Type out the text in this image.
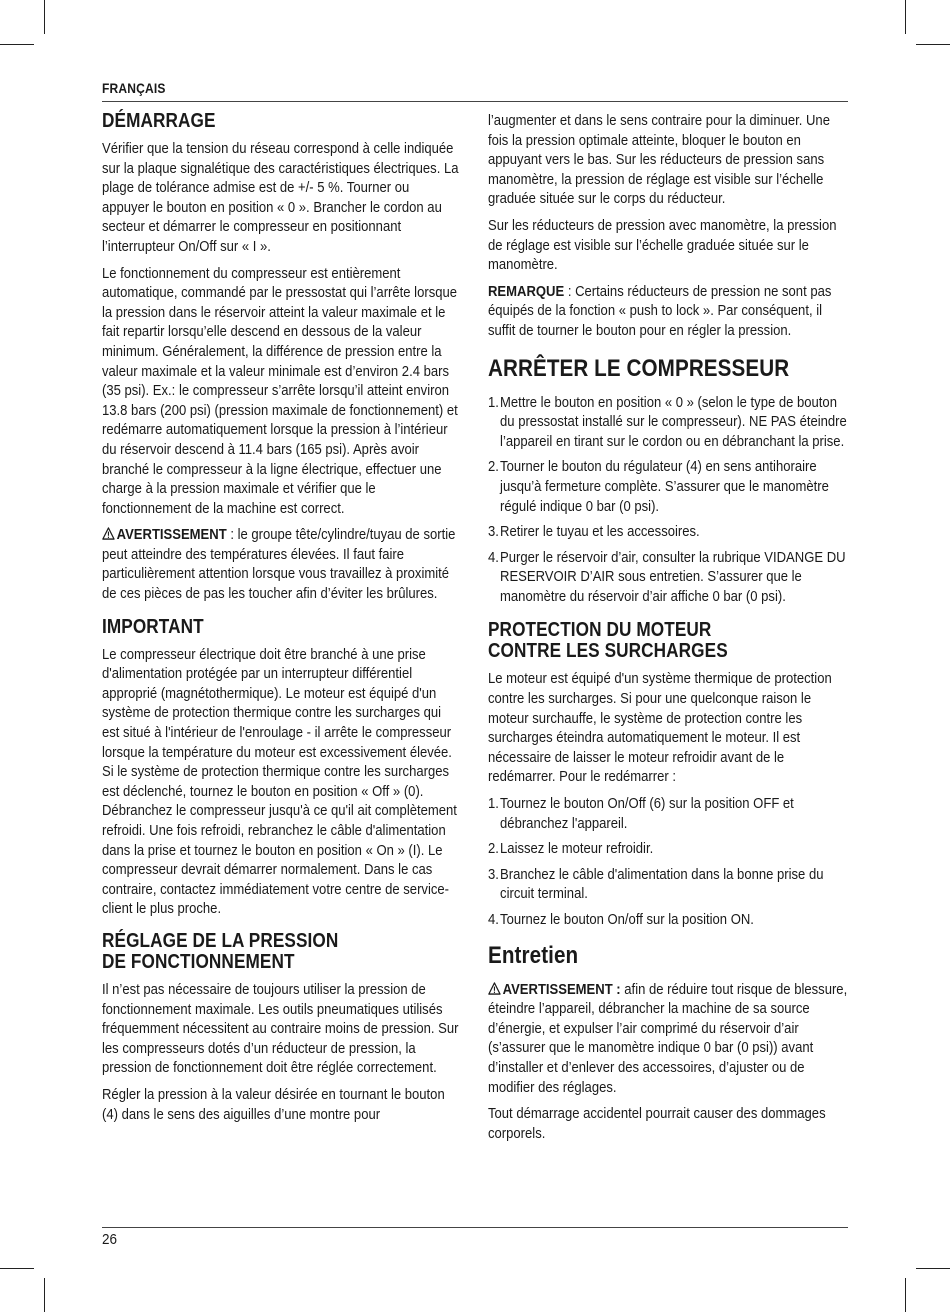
FRANÇAIS
DÉMARRAGE

Vérifier que la tension du réseau correspond à celle indiquée sur la plaque signalétique des caractéristiques électriques. La plage de tolérance admise est de +/- 5 %. Tourner ou appuyer le bouton en position « 0 ». Brancher le cordon au secteur et démarrer le compresseur en positionnant l’interrupteur On/Off sur « I ».

Le fonctionnement du compresseur est entièrement automatique, commandé par le pressostat qui l’arrête lorsque la pression dans le réservoir atteint la valeur maximale et le fait repartir lorsqu’elle descend en dessous de la valeur minimum. Généralement, la différence de pression entre la valeur maximale et la valeur minimale est d’environ 2.4 bars (35 psi). Ex.: le compresseur s’arrête lorsqu’il atteint environ 13.8 bars (200 psi) (pression maximale de fonctionnement) et redémarre automatiquement lorsque la pression à l’intérieur du réservoir descend à 11.4 bars (165 psi). Après avoir branché le compresseur à la ligne électrique, effectuer une charge à la pression maximale et vérifier que le fonctionnement de la machine est correct.

AVERTISSEMENT : le groupe tête/cylindre/tuyau de sortie peut atteindre des températures élevées. Il faut faire particulièrement attention lorsque vous travaillez à proximité de ces pièces de pas les toucher afin d’éviter les brûlures.

IMPORTANT

Le compresseur électrique doit être branché à une prise d'alimentation protégée par un interrupteur différentiel approprié (magnétothermique). Le moteur est équipé d'un système de protection thermique contre les surcharges qui est situé à l'intérieur de l'enroulage - il arrête le compresseur lorsque la température du moteur est excessivement élevée. Si le système de protection thermique contre les surcharges est déclenché, tournez le bouton en position « Off » (0). Débranchez le compresseur jusqu'à ce qu'il ait complètement refroidi. Une fois refroidi, rebranchez le câble d'alimentation dans la prise et tournez le bouton en position « On » (I). Le compresseur devrait démarrer normalement. Dans le cas contraire, contactez immédiatement votre centre de service-client le plus proche.

RÉGLAGE DE LA PRESSION
DE FONCTIONNEMENT

Il n’est pas nécessaire de toujours utiliser la pression de fonctionnement maximale. Les outils pneumatiques utilisés fréquemment nécessitent au contraire moins de pression. Sur les compresseurs dotés d’un réducteur de pression, la pression de fonctionnement doit être réglée correctement.

Régler la pression à la valeur désirée en tournant le bouton (4) dans le sens des aiguilles d’une montre pour

l’augmenter et dans le sens contraire pour la diminuer. Une fois la pression optimale atteinte, bloquer le bouton en appuyant vers le bas. Sur les réducteurs de pression sans manomètre, la pression de réglage est visible sur l’échelle graduée située sur le corps du réducteur.

Sur les réducteurs de pression avec manomètre, la pression de réglage est visible sur l’échelle graduée située sur le manomètre.

REMARQUE : Certains réducteurs de pression ne sont pas équipés de la fonction « push to lock ». Par conséquent, il suffit de tourner le bouton pour en régler la pression.

ARRÊTER LE COMPRESSEUR
1. Mettre le bouton en position « 0 » (selon le type de bouton du pressostat installé sur le compresseur). NE PAS éteindre l’appareil en tirant sur le cordon ou en débranchant la prise.
2. Tourner le bouton du régulateur (4) en sens antihoraire jusqu’à fermeture complète. S’assurer que le manomètre régulé indique 0 bar (0 psi).
3. Retirer le tuyau et les accessoires.
4. Purger le réservoir d’air, consulter la rubrique VIDANGE DU RESERVOIR D’AIR sous entretien. S’assurer que le manomètre du réservoir d’air affiche 0 bar (0 psi).
PROTECTION DU MOTEUR
CONTRE LES SURCHARGES

Le moteur est équipé d'un système thermique de protection contre les surcharges. Si pour une quelconque raison le moteur surchauffe, le système de protection contre les surcharges éteindra automatiquement le moteur. Il est nécessaire de laisser le moteur refroidir avant de le redémarrer. Pour le redémarrer :

1. Tournez le bouton On/Off (6) sur la position OFF et débranchez l'appareil.
2. Laissez le moteur refroidir.
3. Branchez le câble d'alimentation dans la bonne prise du circuit terminal.
4. Tournez le bouton On/off sur la position ON.
Entretien

AVERTISSEMENT : afin de réduire tout risque de blessure, éteindre l’appareil, débrancher la machine de sa source d’énergie, et expulser l’air comprimé du réservoir d’air (s’assurer que le manomètre indique 0 bar (0 psi)) avant d’installer et d’enlever des accessoires, d’ajuster ou de modifier des réglages.

Tout démarrage accidentel pourrait causer des dommages corporels.

26
